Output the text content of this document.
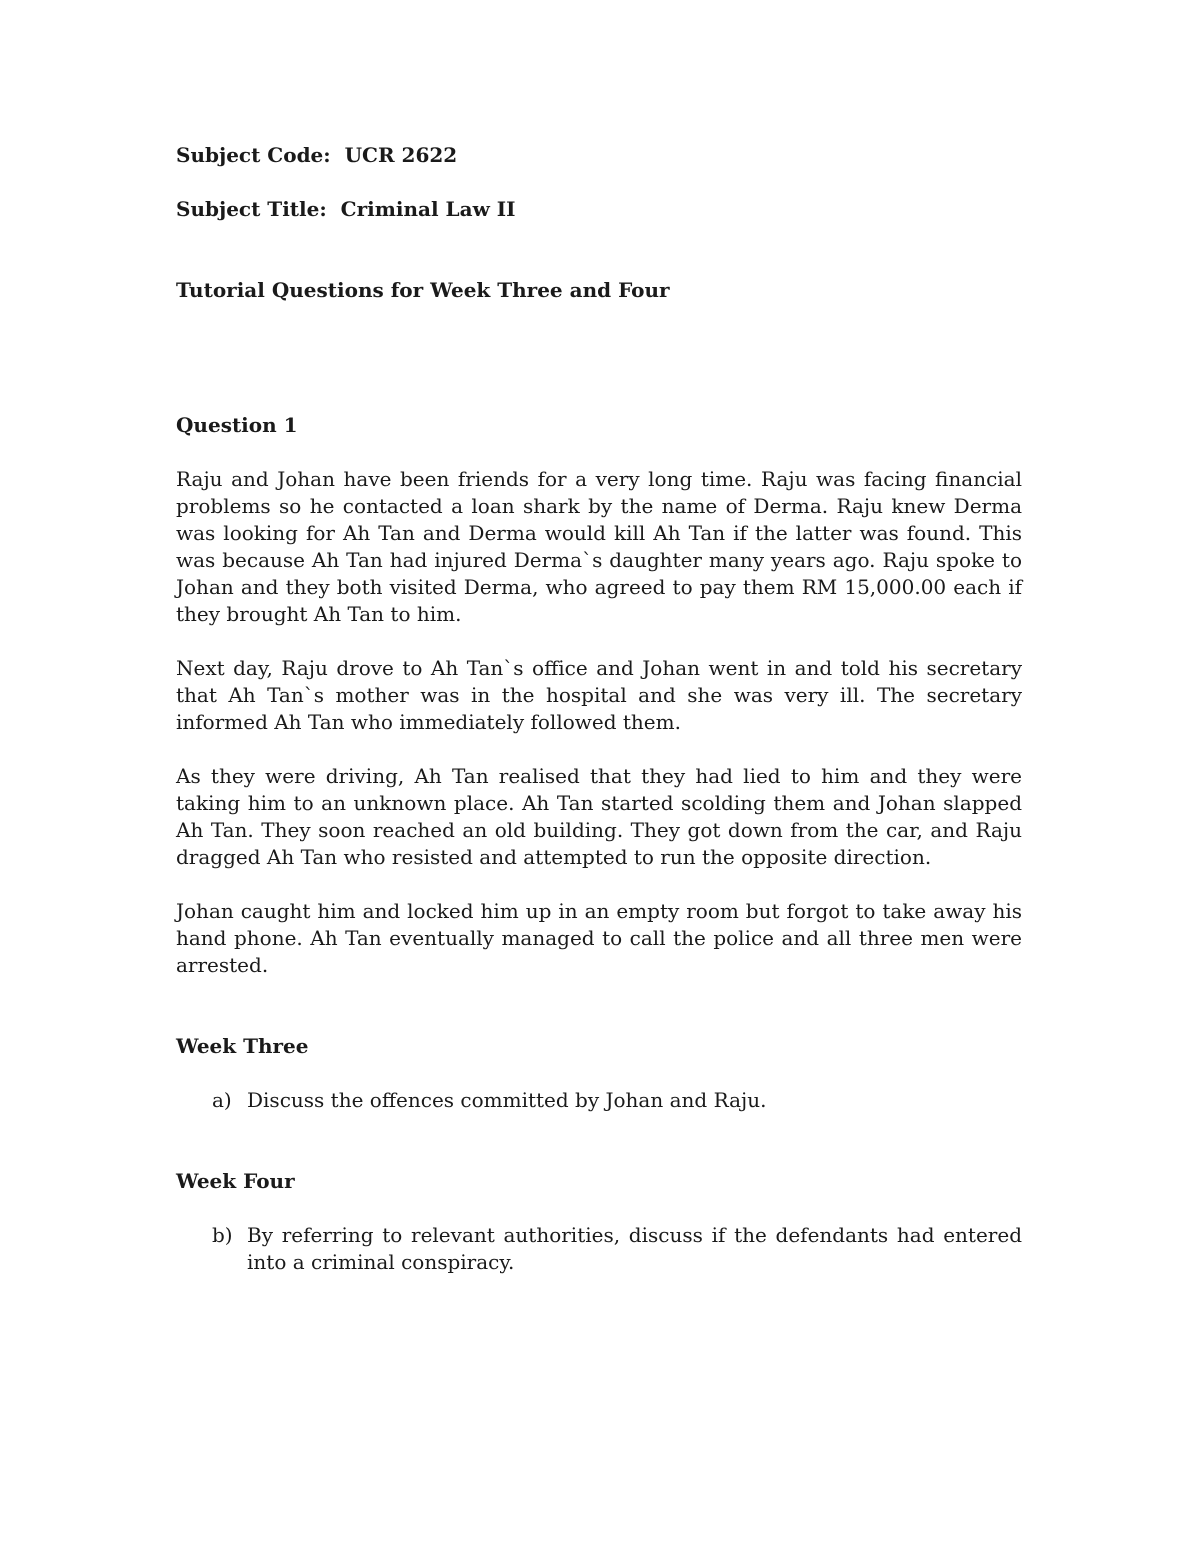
Subject Code: UCR 2622

Subject Title: Criminal Law II

Tutorial Questions for Week Three and Four

Question 1

Raju and Johan have been friends for a very long time. Raju was facing financial problems so he contacted a loan shark by the name of Derma. Raju knew Derma was looking for Ah Tan and Derma would kill Ah Tan if the latter was found. This was because Ah Tan had injured Derma`s daughter many years ago. Raju spoke to Johan and they both visited Derma, who agreed to pay them RM 15,000.00 each if they brought Ah Tan to him.

Next day, Raju drove to Ah Tan`s office and Johan went in and told his secretary that Ah Tan`s mother was in the hospital and she was very ill. The secretary informed Ah Tan who immediately followed them.

As they were driving, Ah Tan realised that they had lied to him and they were taking him to an unknown place. Ah Tan started scolding them and Johan slapped Ah Tan. They soon reached an old building. They got down from the car, and Raju dragged Ah Tan who resisted and attempted to run the opposite direction.

Johan caught him and locked him up in an empty room but forgot to take away his hand phone. Ah Tan eventually managed to call the police and all three men were arrested.

Week Three

a) Discuss the offences committed by Johan and Raju.

Week Four

b) By referring to relevant authorities, discuss if the defendants had entered into a criminal conspiracy.
